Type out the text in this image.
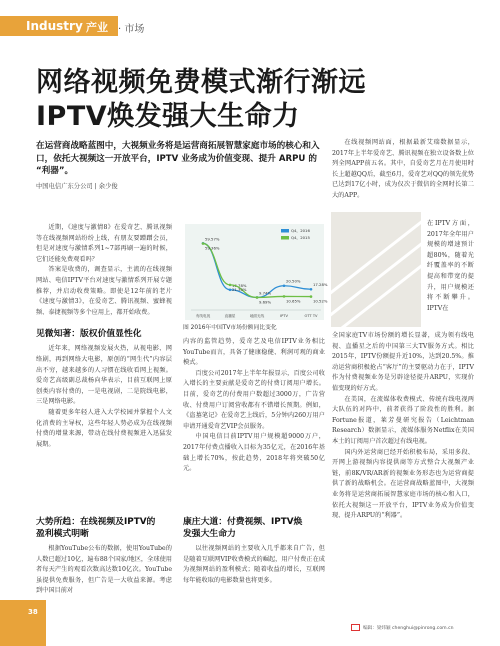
Industry 产业 · 市场
网络视频免费模式渐行渐远
IPTV焕发强大生命力
在运营商战略蓝图中，大视频业务将是运营商拓展智慧家庭市场的核心和入口，依托大视频这一开放平台，IPTV 业务成为价值变现、提升 ARPU 的 “利器”。
中国电信广东分公司 | 余少俊

在线视频网站面，根据最新艾瑞数据显示，2017年上半年爱奇艺、腾讯视频在独立设备数上位列全网APP前五名。其中，自爱奇艺月在月使用时长上超越QQ后，截至6月，爱奇艺对QQ的领先优势已达到17亿小时，成为仅次于微信的全网时长第二大的APP。

在IPTV方面，2017年全年用户规模的增速预计超80%，随着光纤覆盖率的不断提高和带宽的提升，用户规模还将不断攀升。IPTV在

全国家庭TV市场份额的增长显著，成为领有线电视、直播星之后的中国第三大TV服务方式。相比2015年，IPTV份额提升近10%，达到20.5%。推动运营商积极抢占“客厅”的主要驱动力在于，IPTV作为付费视频业务是另辟途径提升ARPU，实现价值变现的好方式。

在美国，在流媒体收费模式、传统有线电视两大队伍的对阵中，前者获得了阶段性的胜利。据Fortune报道，莱芳曼研究报告（Leichtman Research）数据显示，流媒体服务Netflix在美国本土的订阅用户首次超过有线电视。

国内外运营商已经开始积极布局，采用多段、开网上游视频内容提供商等方式整合大视频产业链，前8K/VR/AR新的视频业务形态也为运营商提供了新的战略机会。在运营商战略蓝图中，大视频业务将是运营商拓展智慧家庭市场的核心和入口，依托大视频这一开放平台，IPTV业务成为价值变现、提升ARPU的“利器”。

近期，《速度与激情8》在爱奇艺、腾讯视频等在线视频网站纷纷上线，有朋友要蹭蹭会员，但是对速度与激情系列1~7部再刷一遍的时候，它们还能免费观看吗？

答案是收费的，调查显示，主流的在线视频网站、电信IPTV平台对速度与激情系列开展专题推荐，并启动收费策略。即使是12年前的老片《速度与激情3》，在爱奇艺、腾讯视频、蜜蜂视频、泰捷视频等多个应用上，都开始收费。

见微知著：版权价值显性化

近年来，网络视频发展火热，从视电影、网络剧，再到网络大电影，原创的“网生代”内容层出不穷，越来越多的人习惯在线收看网上视频。爱奇艺高级副总裁杨向华表示，目前互联网上原创类内容付费的，一是电视剧，二是院线电影，三是网络电影。

随着更多年轻人进入大学校园并掌握个人文化消费的主导权，这些年轻人势必成为在线视频付费的增量来源，带动在线付费视频进入迅猛发展期。

大势所趋：在线视频及IPTV的
盈利模式明晰

根据YouTube公布的数据，使用YouTube的人数已超过10亿，遍布88个国家/地区，全球使用者每天产生的观看次数高达数10亿次。YouTube虽提供免费服务，但广告是一大收益来源。考虑到中国目前对

有线电视	直播星	地面无线	IPTV	OTT TV
59.57%
16.78%
9.74%
20.50%
17.28%
59.36%
21.30%
9.69%	10.65%	10.52%
Q4，2016
Q4，2015
图 2016年中国TV市场份额同比变化

内容的监管趋势，爱奇艺及电信IPTV业务相比YouTube而言，具备了健康稳健、利润可观的商业模式。

百度公司2017年上半年年报显示，百度公司收入增长的主要贡献是爱奇艺的付费订阅用户增长。目前，爱奇艺的付费用户数超过3000万，广告营收、付费用户订阅营收都有不错增长预期。例如，《盗墓笔记》在爱奇艺上线后，5分钟内260万用户申请开通爱奇艺VIP会员服务。

中国电信目前IPTV用户规模超9000万户，2017年付费点播收入目标为35亿元，在2016年基础上增长70%，按此趋势，2018年将突破50亿元。

康庄大道：付费视频、IPTV焕
发强大生命力

以往视频网站的主要收入几乎都来自广告，但是随着互联网VIP收费模式的崛起，用户付费正在成为视频网站的盈利模式；随着收益的增长，互联网每年能收取的电影数量也将更多。

38
编辑：梁炜颖 chenghui@pinrong.com.cn
